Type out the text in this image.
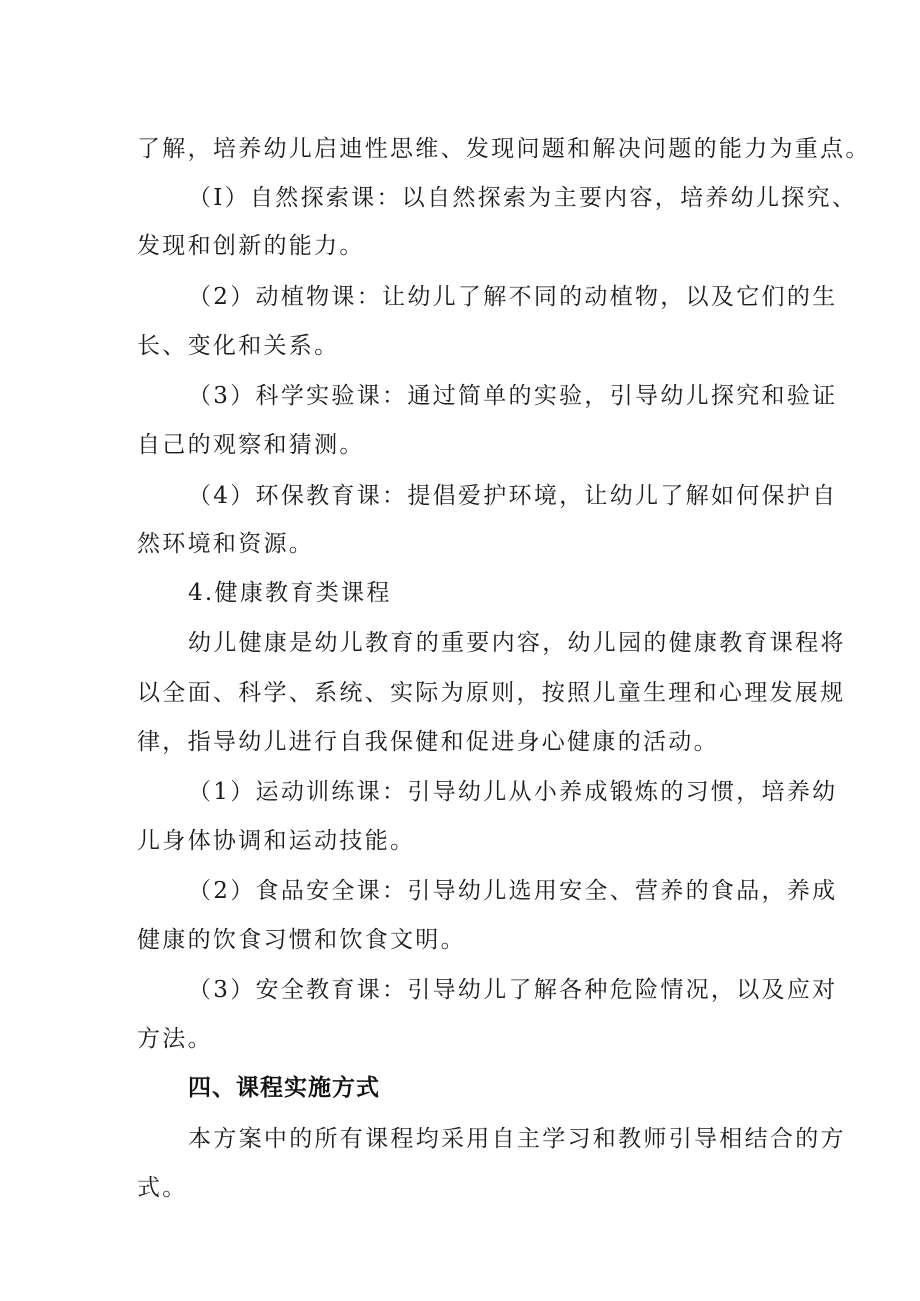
了解，培养幼儿启迪性思维、发现问题和解决问题的能力为重点。
（I）自然探索课：以自然探索为主要内容，培养幼儿探究、
发现和创新的能力。
（2）动植物课：让幼儿了解不同的动植物，以及它们的生
长、变化和关系。
（3）科学实验课：通过简单的实验，引导幼儿探究和验证
自己的观察和猜测。
（4）环保教育课：提倡爱护环境，让幼儿了解如何保护自
然环境和资源。
4.健康教育类课程
幼儿健康是幼儿教育的重要内容，幼儿园的健康教育课程将
以全面、科学、系统、实际为原则，按照儿童生理和心理发展规
律，指导幼儿进行自我保健和促进身心健康的活动。
（1）运动训练课：引导幼儿从小养成锻炼的习惯，培养幼
儿身体协调和运动技能。
（2）食品安全课：引导幼儿选用安全、营养的食品，养成
健康的饮食习惯和饮食文明。
（3）安全教育课：引导幼儿了解各种危险情况，以及应对
方法。
四、课程实施方式
本方案中的所有课程均采用自主学习和教师引导相结合的方
式。
